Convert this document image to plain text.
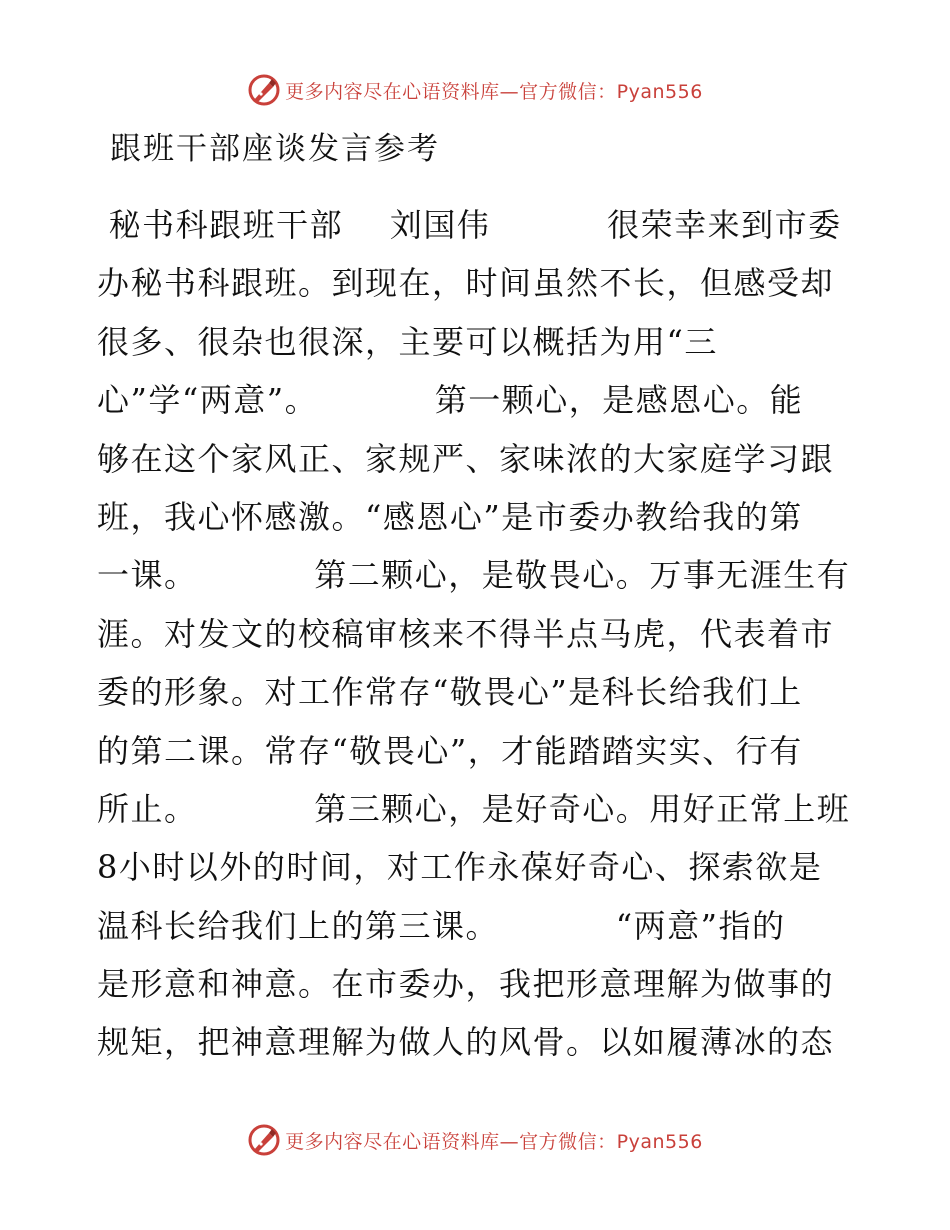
更多内容尽在心语资料库—官方微信：Pyan556
跟班干部座谈发言参考
秘书科跟班干部    刘国伟          很荣幸来到市委
办秘书科跟班。到现在，时间虽然不长，但感受却
很多、很杂也很深，主要可以概括为用“三
心”学“两意”。          第一颗心，是感恩心。能
够在这个家风正、家规严、家味浓的大家庭学习跟
班，我心怀感激。“感恩心”是市委办教给我的第
一课。          第二颗心，是敬畏心。万事无涯生有
涯。对发文的校稿审核来不得半点马虎，代表着市
委的形象。对工作常存“敬畏心”是科长给我们上
的第二课。常存“敬畏心”，才能踏踏实实、行有
所止。          第三颗心，是好奇心。用好正常上班
8小时以外的时间，对工作永葆好奇心、探索欲是
温科长给我们上的第三课。          “两意”指的
是形意和神意。在市委办，我把形意理解为做事的
规矩，把神意理解为做人的风骨。以如履薄冰的态
更多内容尽在心语资料库—官方微信：Pyan556
